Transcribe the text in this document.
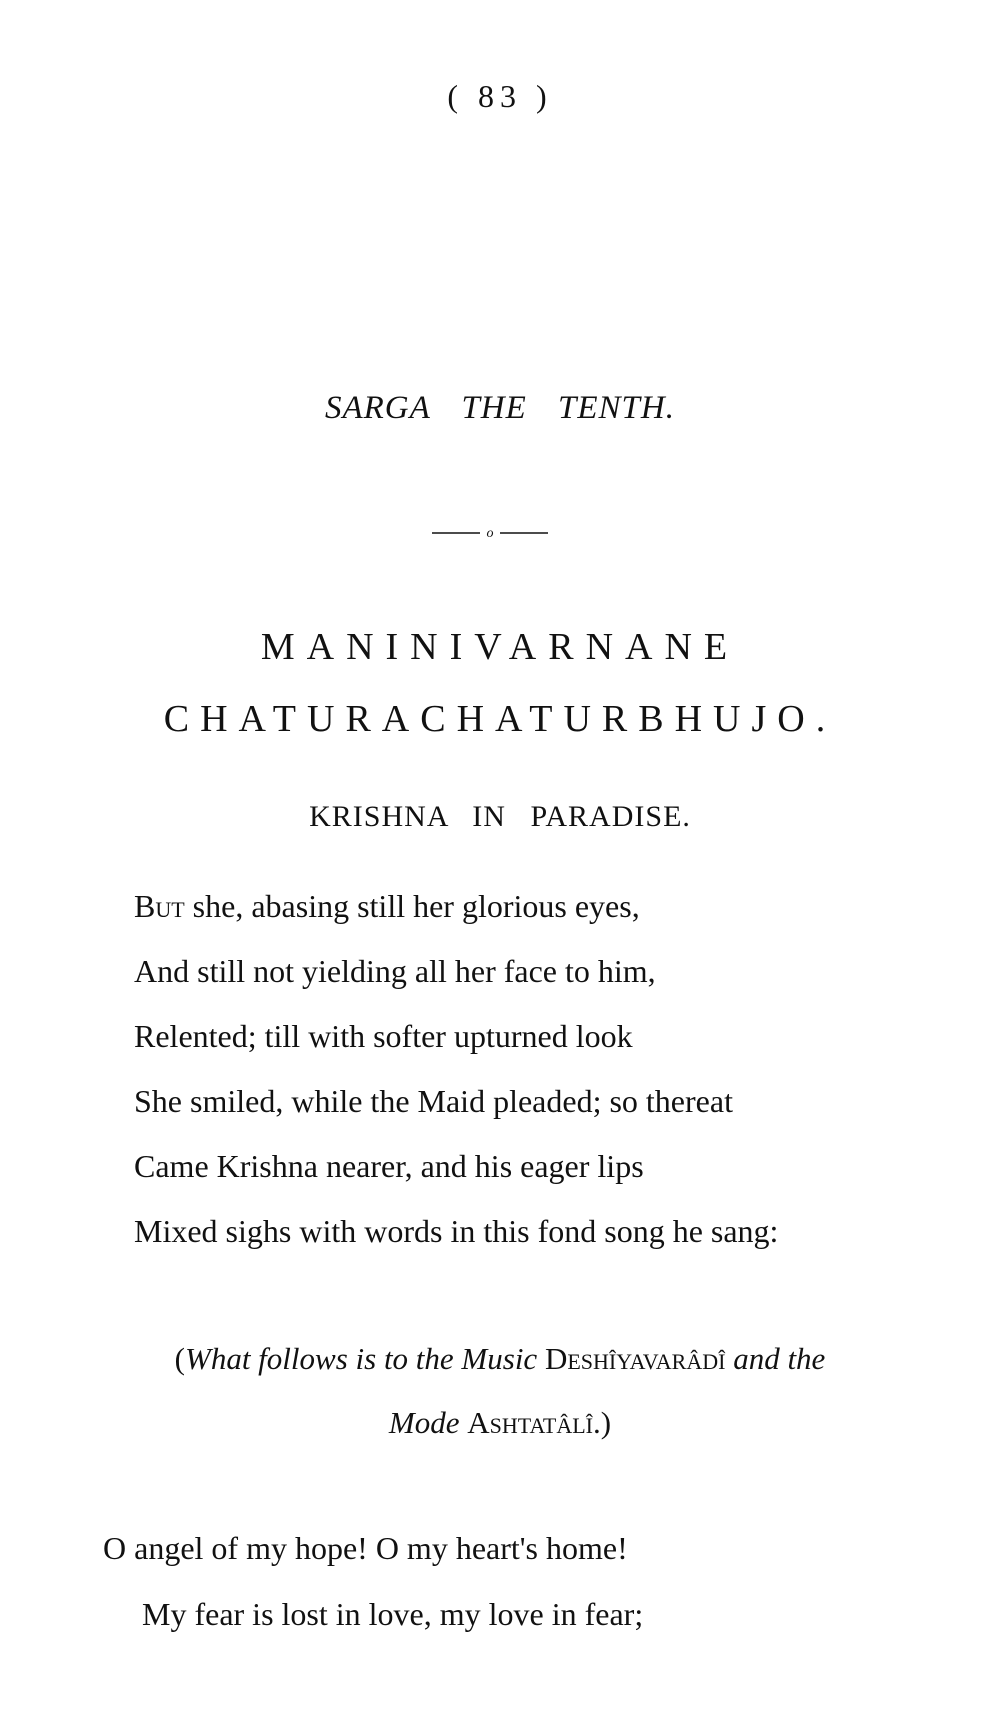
( 83 )
SARGA THE TENTH.
o
MANINIVARNANE
CHATURACHATURBHUJO.
KRISHNA IN PARADISE.
But she, abasing still her glorious eyes,
And still not yielding all her face to him,
Relented; till with softer upturned look
She smiled, while the Maid pleaded; so thereat
Came Krishna nearer, and his eager lips
Mixed sighs with words in this fond song he sang:
(What follows is to the Music Deshîyavarâdî and the
Mode Ashtatâlî.)
O angel of my hope! O my heart's home!
My fear is lost in love, my love in fear;
